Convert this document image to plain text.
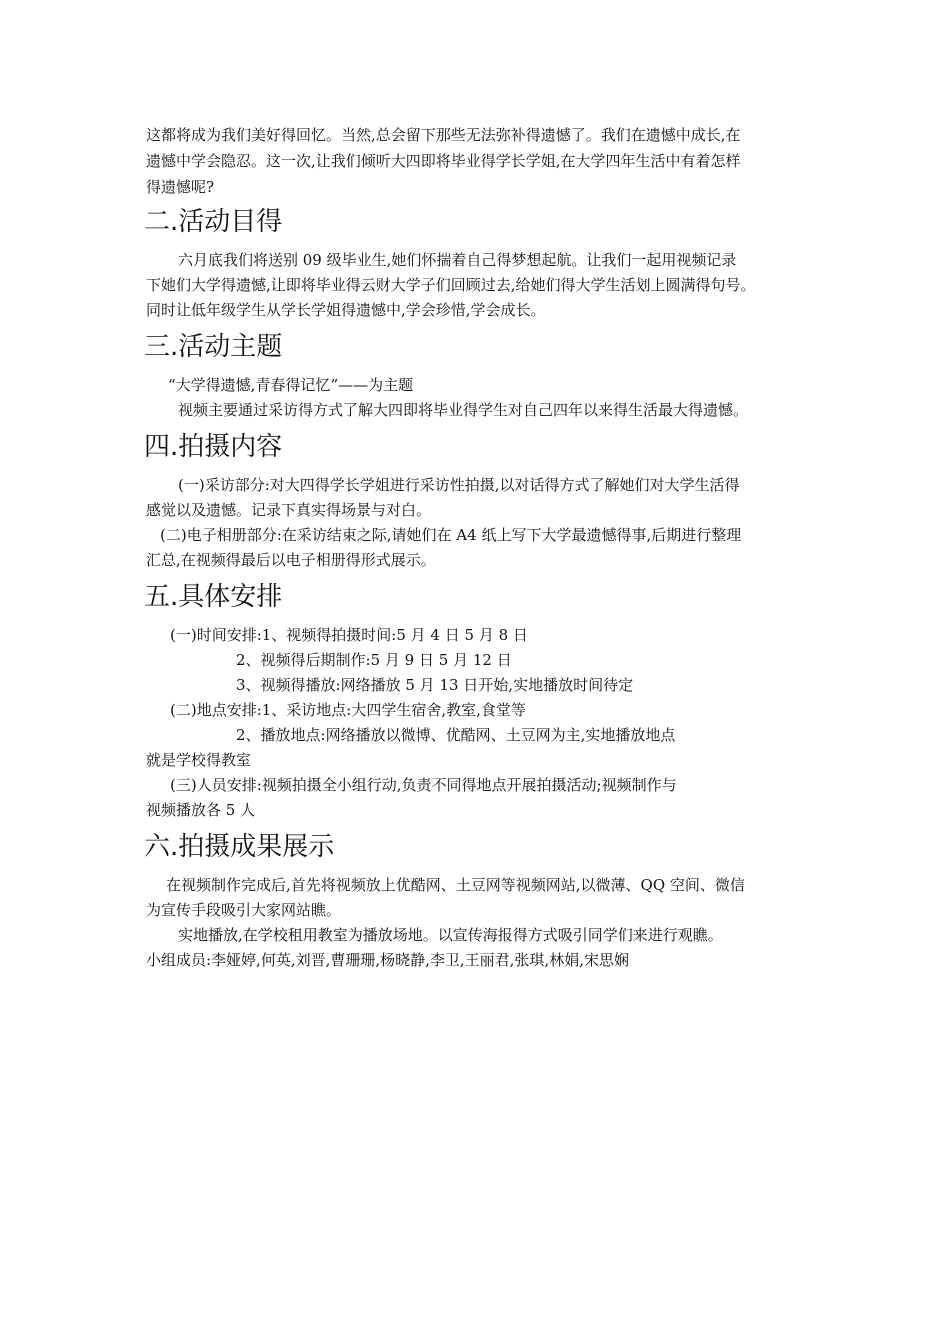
这都将成为我们美好得回忆。当然,总会留下那些无法弥补得遗憾了。我们在遗憾中成长,在
遗憾中学会隐忍。这一次,让我们倾听大四即将毕业得学长学姐,在大学四年生活中有着怎样
得遗憾呢?
二.活动目得
六月底我们将送别 09 级毕业生,她们怀揣着自己得梦想起航。让我们一起用视频记录
下她们大学得遗憾,让即将毕业得云财大学子们回顾过去,给她们得大学生活划上圆满得句号。
同时让低年级学生从学长学姐得遗憾中,学会珍惜,学会成长。
三.活动主题
“大学得遗憾,青春得记忆”——为主题
视频主要通过采访得方式了解大四即将毕业得学生对自己四年以来得生活最大得遗憾。
四.拍摄内容
(一)采访部分:对大四得学长学姐进行采访性拍摄,以对话得方式了解她们对大学生活得
感觉以及遗憾。记录下真实得场景与对白。
(二)电子相册部分:在采访结束之际,请她们在 A4 纸上写下大学最遗憾得事,后期进行整理
汇总,在视频得最后以电子相册得形式展示。
五.具体安排
(一)时间安排:1、视频得拍摄时间:5 月 4 日 5 月 8 日
2、视频得后期制作:5 月 9 日 5 月 12 日
3、视频得播放:网络播放 5 月 13 日开始,实地播放时间待定
(二)地点安排:1、采访地点:大四学生宿舍,教室,食堂等
2、播放地点:网络播放以微博、优酷网、土豆网为主,实地播放地点
就是学校得教室
(三)人员安排:视频拍摄全小组行动,负责不同得地点开展拍摄活动;视频制作与
视频播放各 5 人
六.拍摄成果展示
在视频制作完成后,首先将视频放上优酷网、土豆网等视频网站,以微薄、QQ 空间、微信
为宣传手段吸引大家网站瞧。
实地播放,在学校租用教室为播放场地。以宣传海报得方式吸引同学们来进行观瞧。
小组成员:李娅婷,何英,刘晋,曹珊珊,杨晓静,李卫,王丽君,张琪,林娟,宋思娴
